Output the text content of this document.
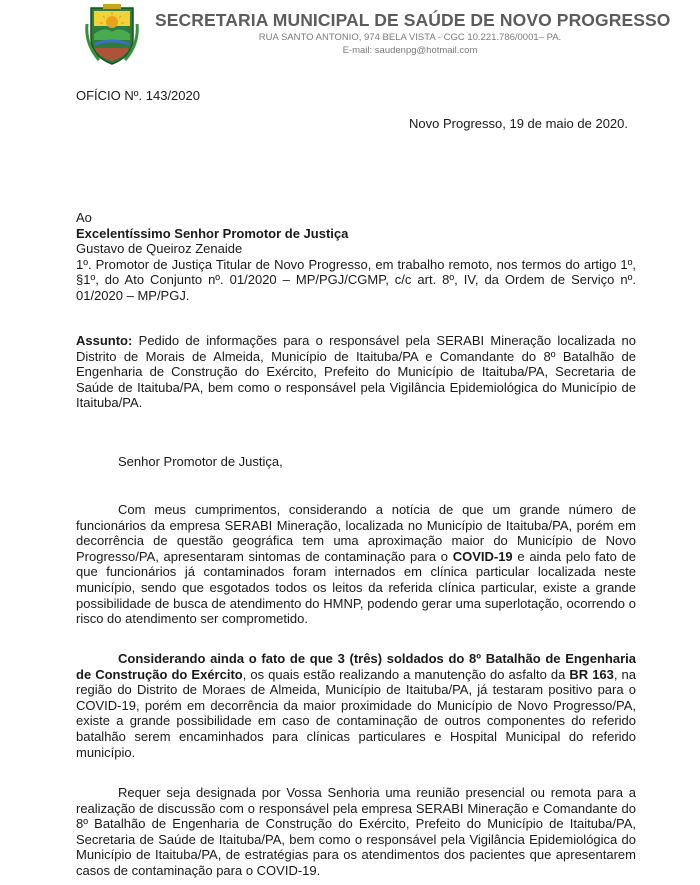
SECRETARIA MUNICIPAL DE SAÚDE DE NOVO PROGRESSO
RUA SANTO ANTONIO, 974 BELA VISTA - CGC 10.221.786/0001– PA.
E-mail: saudenpg@hotmail.com
OFÍCIO Nº. 143/2020
Novo Progresso, 19 de maio de 2020.
Ao
Excelentíssimo Senhor Promotor de Justiça
Gustavo de Queiroz Zenaide
1º. Promotor de Justiça Titular de Novo Progresso, em trabalho remoto, nos termos do artigo 1º, §1º, do Ato Conjunto nº. 01/2020 – MP/PGJ/CGMP, c/c art. 8º, IV, da Ordem de Serviço nº. 01/2020 – MP/PGJ.
Assunto: Pedido de informações para o responsável pela SERABI Mineração localizada no Distrito de Morais de Almeida, Município de Itaituba/PA e Comandante do 8º Batalhão de Engenharia de Construção do Exército, Prefeito do Município de Itaituba/PA, Secretaria de Saúde de Itaituba/PA, bem como o responsável pela Vigilância Epidemiológica do Município de Itaituba/PA.
Senhor Promotor de Justiça,
Com meus cumprimentos, considerando a notícia de que um grande número de funcionários da empresa SERABI Mineração, localizada no Município de Itaituba/PA, porém em decorrência de questão geográfica tem uma aproximação maior do Município de Novo Progresso/PA, apresentaram sintomas de contaminação para o COVID-19 e ainda pelo fato de que funcionários já contaminados foram internados em clínica particular localizada neste município, sendo que esgotados todos os leitos da referida clínica particular, existe a grande possibilidade de busca de atendimento do HMNP, podendo gerar uma superlotação, ocorrendo o risco do atendimento ser comprometido.
Considerando ainda o fato de que 3 (três) soldados do 8º Batalhão de Engenharia de Construção do Exército, os quais estão realizando a manutenção do asfalto da BR 163, na região do Distrito de Moraes de Almeida, Município de Itaituba/PA, já testaram positivo para o COVID-19, porém em decorrência da maior proximidade do Município de Novo Progresso/PA, existe a grande possibilidade em caso de contaminação de outros componentes do referido batalhão serem encaminhados para clínicas particulares e Hospital Municipal do referido município.
Requer seja designada por Vossa Senhoria uma reunião presencial ou remota para a realização de discussão com o responsável pela empresa SERABI Mineração e Comandante do 8º Batalhão de Engenharia de Construção do Exército, Prefeito do Município de Itaituba/PA, Secretaria de Saúde de Itaituba/PA, bem como o responsável pela Vigilância Epidemiológica do Município de Itaituba/PA, de estratégias para os atendimentos dos pacientes que apresentarem casos de contaminação para o COVID-19.
